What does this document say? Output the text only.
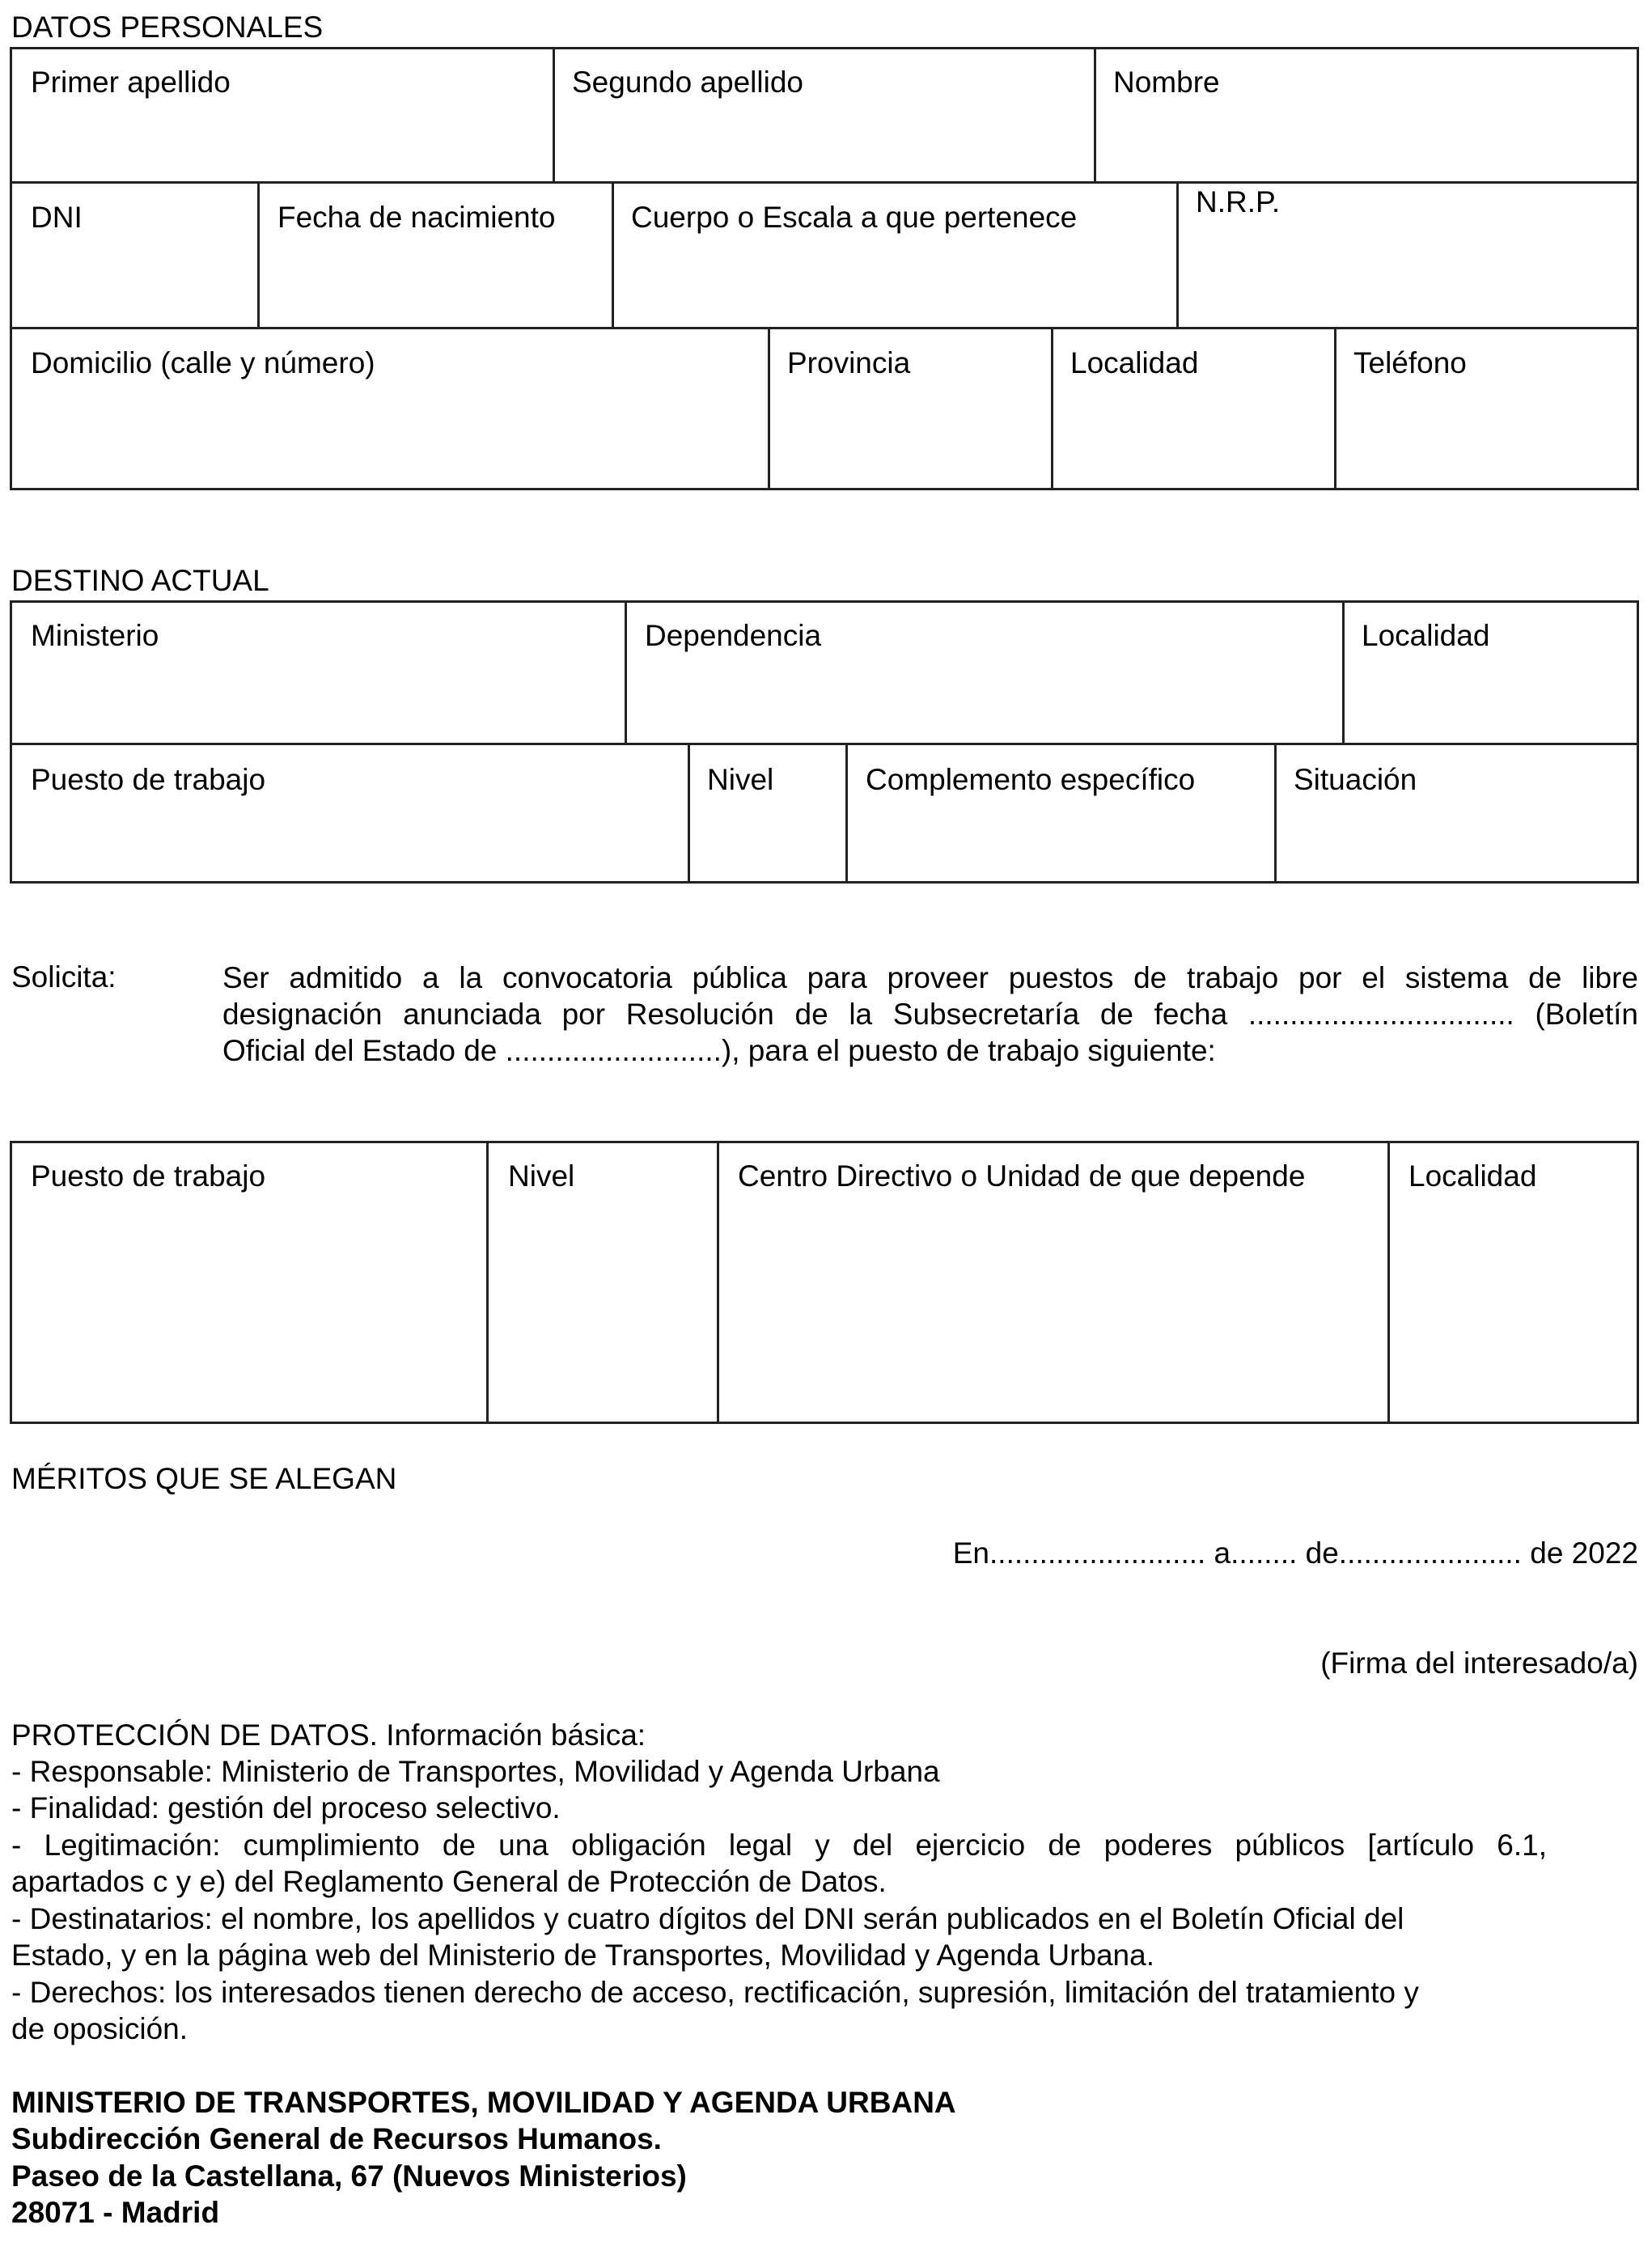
DATOS PERSONALES
Primer apellido	Segundo apellido	Nombre
DNI	Fecha de nacimiento	Cuerpo o Escala a que pertenece	N.R.P.
Domicilio (calle y número)	Provincia	Localidad	Teléfono
DESTINO ACTUAL
Ministerio	Dependencia	Localidad
Puesto de trabajo	Nivel	Complemento específico	Situación
Solicita:	Ser admitido a la convocatoria pública para proveer puestos de trabajo por el sistema de libre
designación anunciada por Resolución de la Subsecretaría de fecha ................................ (Boletín
Oficial del Estado de ..........................), para el puesto de trabajo siguiente:
Puesto de trabajo	Nivel	Centro Directivo o Unidad de que depende	Localidad
MÉRITOS QUE SE ALEGAN
En.......................... a........ de...................... de 2022
(Firma del interesado/a)
PROTECCIÓN DE DATOS. Información básica:
- Responsable: Ministerio de Transportes, Movilidad y Agenda Urbana
- Finalidad: gestión del proceso selectivo.
- Legitimación: cumplimiento de una obligación legal y del ejercicio de poderes públicos [artículo 6.1,
apartados c y e) del Reglamento General de Protección de Datos.
- Destinatarios: el nombre, los apellidos y cuatro dígitos del DNI serán publicados en el Boletín Oficial del
Estado, y en la página web del Ministerio de Transportes, Movilidad y Agenda Urbana.
- Derechos: los interesados tienen derecho de acceso, rectificación, supresión, limitación del tratamiento y
de oposición.
MINISTERIO DE TRANSPORTES, MOVILIDAD Y AGENDA URBANA
Subdirección General de Recursos Humanos.
Paseo de la Castellana, 67 (Nuevos Ministerios)
28071 - Madrid
